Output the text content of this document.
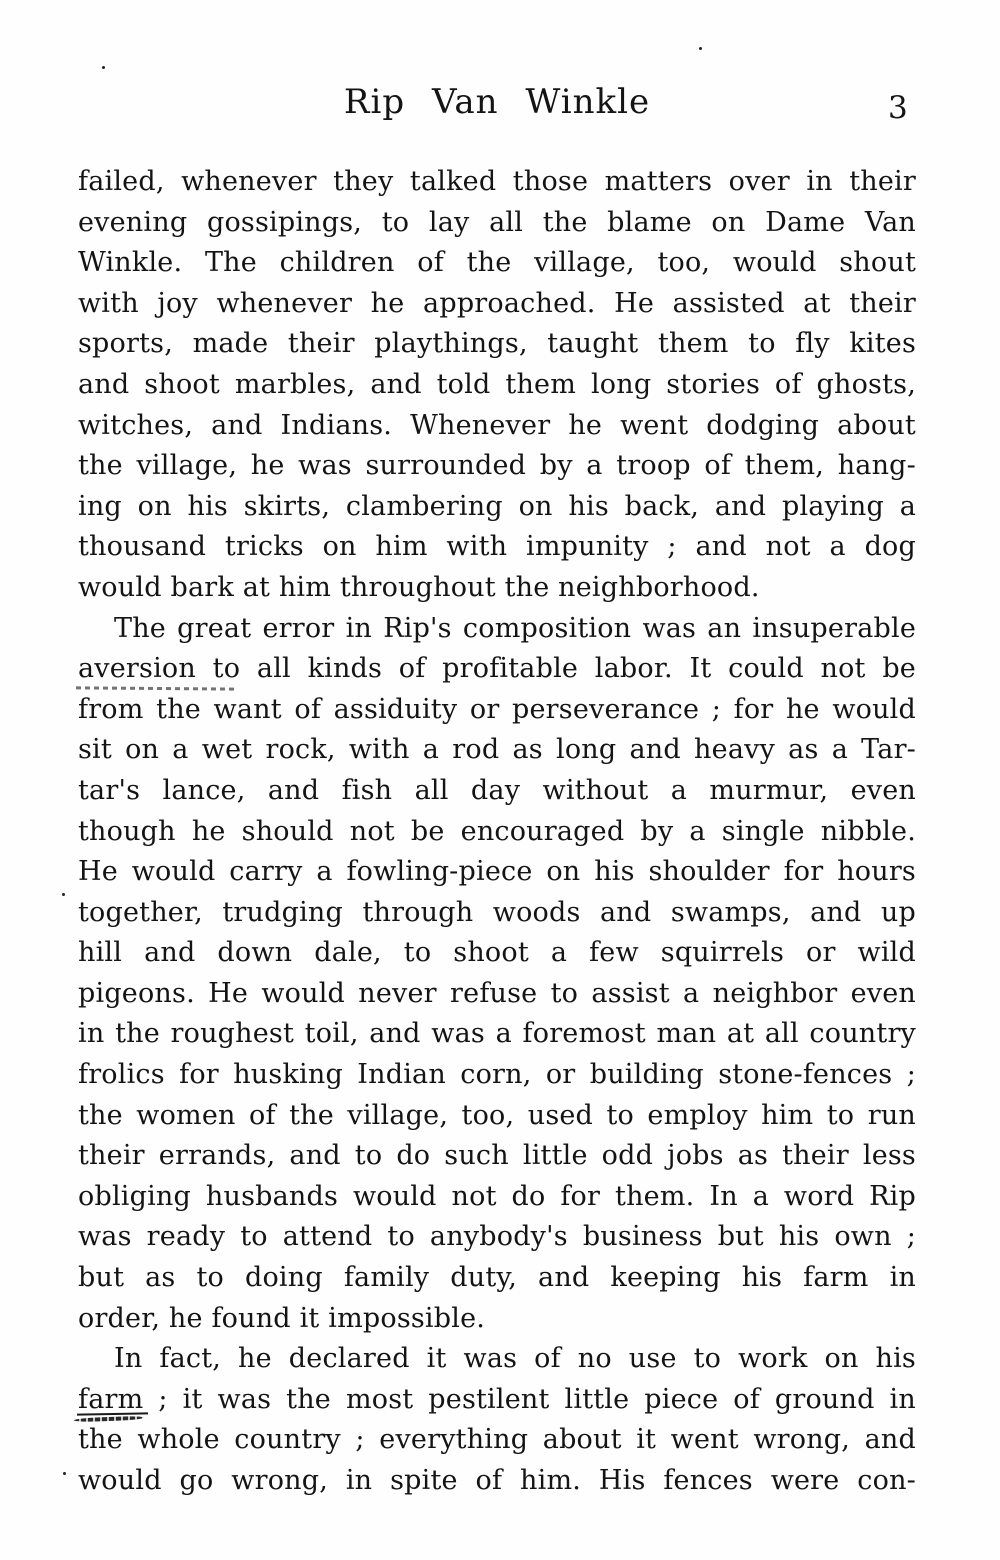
Rip Van Winkle	3
failed, whenever they talked those matters over in their
evening gossipings, to lay all the blame on Dame Van
Winkle. The children of the village, too, would shout
with joy whenever he approached. He assisted at their
sports, made their playthings, taught them to fly kites
and shoot marbles, and told them long stories of ghosts,
witches, and Indians. Whenever he went dodging about
the village, he was surrounded by a troop of them, hang-
ing on his skirts, clambering on his back, and playing a
thousand tricks on him with impunity ; and not a dog
would bark at him throughout the neighborhood.
The great error in Rip's composition was an insuperable
aversion to all kinds of profitable labor. It could not be
from the want of assiduity or perseverance ; for he would
sit on a wet rock, with a rod as long and heavy as a Tar-
tar's lance, and fish all day without a murmur, even
though he should not be encouraged by a single nibble.
He would carry a fowling-piece on his shoulder for hours
together, trudging through woods and swamps, and up
hill and down dale, to shoot a few squirrels or wild
pigeons. He would never refuse to assist a neighbor even
in the roughest toil, and was a foremost man at all country
frolics for husking Indian corn, or building stone-fences ;
the women of the village, too, used to employ him to run
their errands, and to do such little odd jobs as their less
obliging husbands would not do for them. In a word Rip
was ready to attend to anybody's business but his own ;
but as to doing family duty, and keeping his farm in
order, he found it impossible.
In fact, he declared it was of no use to work on his
farm ; it was the most pestilent little piece of ground in
the whole country ; everything about it went wrong, and
would go wrong, in spite of him. His fences were con-
